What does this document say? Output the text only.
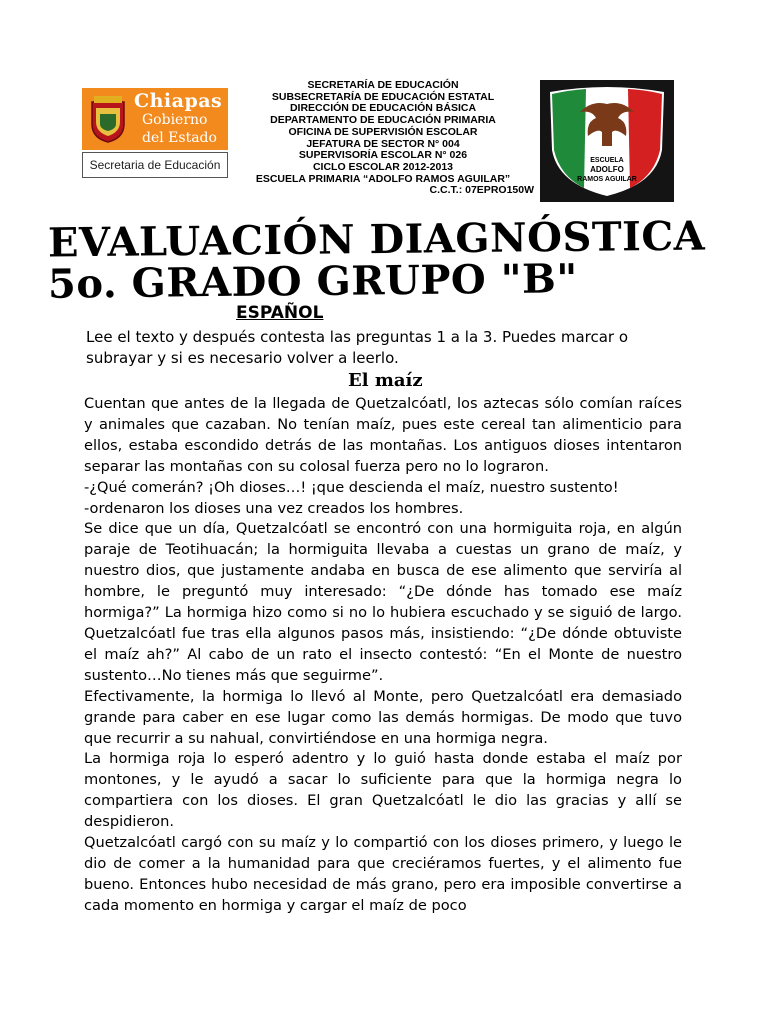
Chiapas
Gobierno
del Estado
Secretaria de Educación
SECRETARÍA DE EDUCACIÓN
SUBSECRETARÍA DE EDUCACIÓN ESTATAL
DIRECCIÓN DE EDUCACIÓN BÁSICA
DEPARTAMENTO DE EDUCACIÓN PRIMARIA
OFICINA DE SUPERVISIÓN ESCOLAR
JEFATURA DE SECTOR N° 004
SUPERVISORÍA ESCOLAR N° 026
CICLO ESCOLAR 2012-2013
ESCUELA PRIMARIA “ADOLFO RAMOS AGUILAR”
C.C.T.: 07EPRO150W
ESCUELA
ADOLFO
RAMOS AGUILAR
EVALUACIÓN DIAGNÓSTICA
5o. GRADO GRUPO "B"
ESPAÑOL
Lee el texto y después contesta las preguntas 1 a la 3. Puedes marcar o subrayar y si es necesario volver a leerlo.
El maíz

Cuentan que antes de la llegada de Quetzalcóatl, los aztecas sólo comían raíces y animales que cazaban. No tenían maíz, pues este cereal tan alimenticio para ellos, estaba escondido detrás de las montañas. Los antiguos dioses intentaron separar las montañas con su colosal fuerza pero no lo lograron.

-¿Qué comerán? ¡Oh dioses…! ¡que descienda el maíz, nuestro sustento!

-ordenaron los dioses una vez creados los hombres.

Se dice que un día, Quetzalcóatl se encontró con una hormiguita roja, en algún paraje de Teotihuacán; la hormiguita llevaba a cuestas un grano de maíz, y nuestro dios, que justamente andaba en busca de ese alimento que serviría al hombre, le preguntó muy interesado: “¿De dónde has tomado ese maíz hormiga?” La hormiga hizo como si no lo hubiera escuchado y se siguió de largo. Quetzalcóatl fue tras ella algunos pasos más, insistiendo: “¿De dónde obtuviste el maíz ah?” Al cabo de un rato el insecto contestó: “En el Monte de nuestro sustento…No tienes más que seguirme”.

Efectivamente, la hormiga lo llevó al Monte, pero Quetzalcóatl era demasiado grande para caber en ese lugar como las demás hormigas. De modo que tuvo que recurrir a su nahual, convirtiéndose en una hormiga negra.

La hormiga roja lo esperó adentro y lo guió hasta donde estaba el maíz por montones, y le ayudó a sacar lo suficiente para que la hormiga negra lo compartiera con los dioses. El gran Quetzalcóatl le dio las gracias y allí se despidieron.

Quetzalcóatl cargó con su maíz y lo compartió con los dioses primero, y luego le dio de comer a la humanidad para que creciéramos fuertes, y el alimento fue bueno. Entonces hubo necesidad de más grano, pero era imposible convertirse a cada momento en hormiga y cargar el maíz de poco
